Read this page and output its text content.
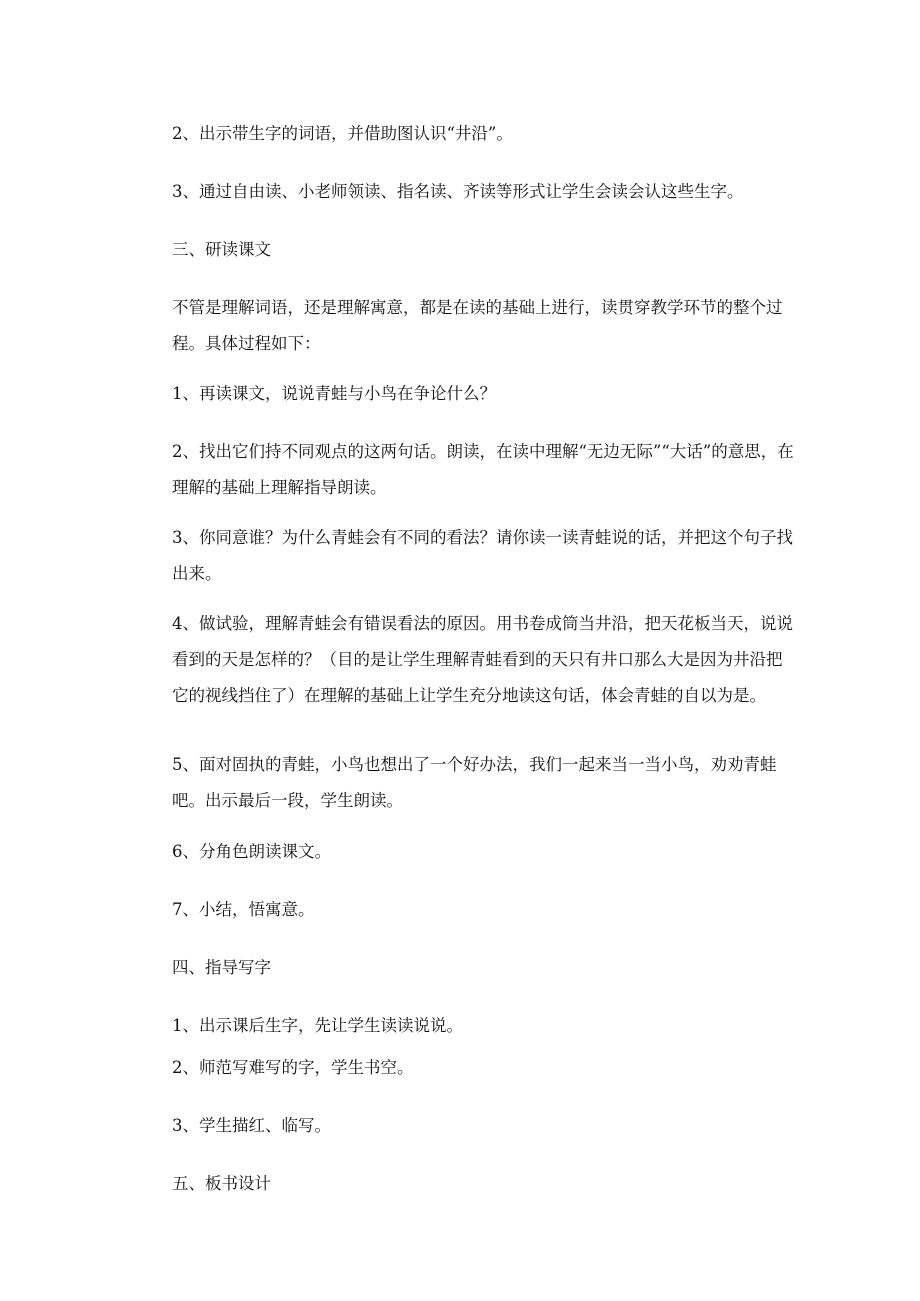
2、出示带生字的词语，并借助图认识“井沿”。

3、通过自由读、小老师领读、指名读、齐读等形式让学生会读会认这些生字。

三、研读课文

不管是理解词语，还是理解寓意，都是在读的基础上进行，读贯穿教学环节的整个过程。具体过程如下：

1、再读课文，说说青蛙与小鸟在争论什么？

2、找出它们持不同观点的这两句话。朗读，在读中理解“无边无际”“大话”的意思，在理解的基础上理解指导朗读。

3、你同意谁？为什么青蛙会有不同的看法？请你读一读青蛙说的话，并把这个句子找出来。

4、做试验，理解青蛙会有错误看法的原因。用书卷成筒当井沿，把天花板当天，说说看到的天是怎样的？（目的是让学生理解青蛙看到的天只有井口那么大是因为井沿把它的视线挡住了）在理解的基础上让学生充分地读这句话，体会青蛙的自以为是。

5、面对固执的青蛙，小鸟也想出了一个好办法，我们一起来当一当小鸟，劝劝青蛙吧。出示最后一段，学生朗读。

6、分角色朗读课文。

7、小结，悟寓意。

四、指导写字

1、出示课后生字，先让学生读读说说。

2、师范写难写的字，学生书空。

3、学生描红、临写。

五、板书设计
